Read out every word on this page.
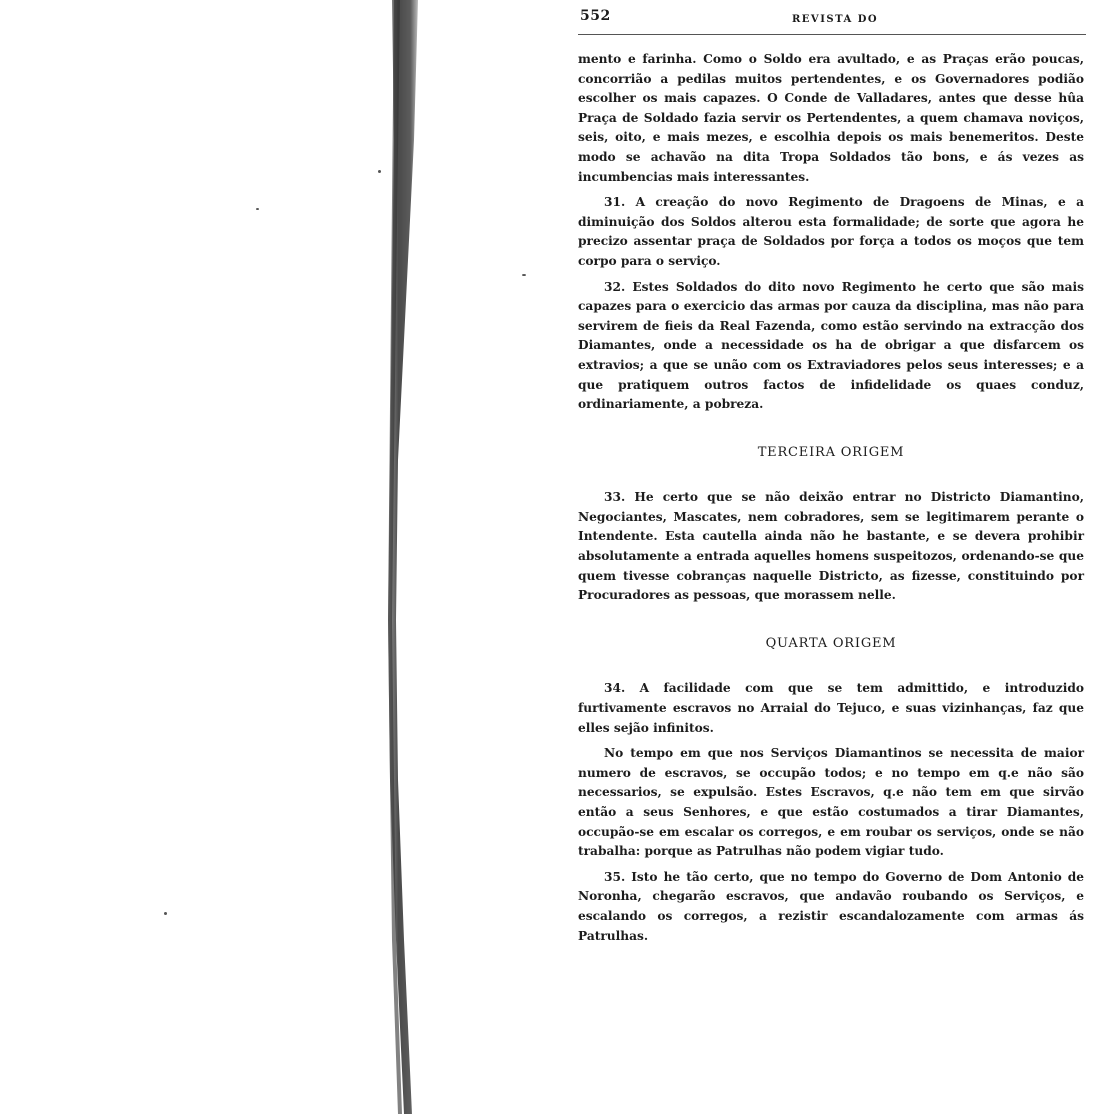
552	REVISTA DO

mento e farinha. Como o Soldo era avultado, e as Praças erão poucas, concorrião a pedilas muitos pertendentes, e os Governadores podião escolher os mais capazes. O Conde de Valladares, antes que desse hûa Praça de Soldado fazia servir os Pertendentes, a quem chamava noviços, seis, oito, e mais mezes, e escolhia depois os mais benemeritos. Deste modo se achavão na dita Tropa Soldados tão bons, e ás vezes as incumbencias mais interessantes.

31. A creação do novo Regimento de Dragoens de Minas, e a diminuição dos Soldos alterou esta formalidade; de sorte que agora he precizo assentar praça de Soldados por força a todos os moços que tem corpo para o serviço.

32. Estes Soldados do dito novo Regimento he certo que são mais capazes para o exercicio das armas por cauza da disciplina, mas não para servirem de fieis da Real Fazenda, como estão servindo na extracção dos Diamantes, onde a necessidade os ha de obrigar a que disfarcem os extravios; a que se unão com os Extraviadores pelos seus interesses; e a que pratiquem outros factos de infidelidade os quaes conduz, ordinariamente, a pobreza.

TERCEIRA ORIGEM

33. He certo que se não deixão entrar no Districto Diamantino, Negociantes, Mascates, nem cobradores, sem se legitimarem perante o Intendente. Esta cautella ainda não he bastante, e se devera prohibir absolutamente a entrada aquelles homens suspeitozos, ordenando-se que quem tivesse cobranças naquelle Districto, as fizesse, constituindo por Procuradores as pessoas, que morassem nelle.

QUARTA ORIGEM

34. A facilidade com que se tem admittido, e introduzido furtivamente escravos no Arraial do Tejuco, e suas vizinhanças, faz que elles sejão infinitos.

No tempo em que nos Serviços Diamantinos se necessita de maior numero de escravos, se occupão todos; e no tempo em q.e não são necessarios, se expulsão. Estes Escravos, q.e não tem em que sirvão então a seus Senhores, e que estão costumados a tirar Diamantes, occupão-se em escalar os corregos, e em roubar os serviços, onde se não trabalha: porque as Patrulhas não podem vigiar tudo.

35. Isto he tão certo, que no tempo do Governo de Dom Antonio de Noronha, chegarão escravos, que andavão roubando os Serviços, e escalando os corregos, a rezistir escandalozamente com armas ás Patrulhas.
